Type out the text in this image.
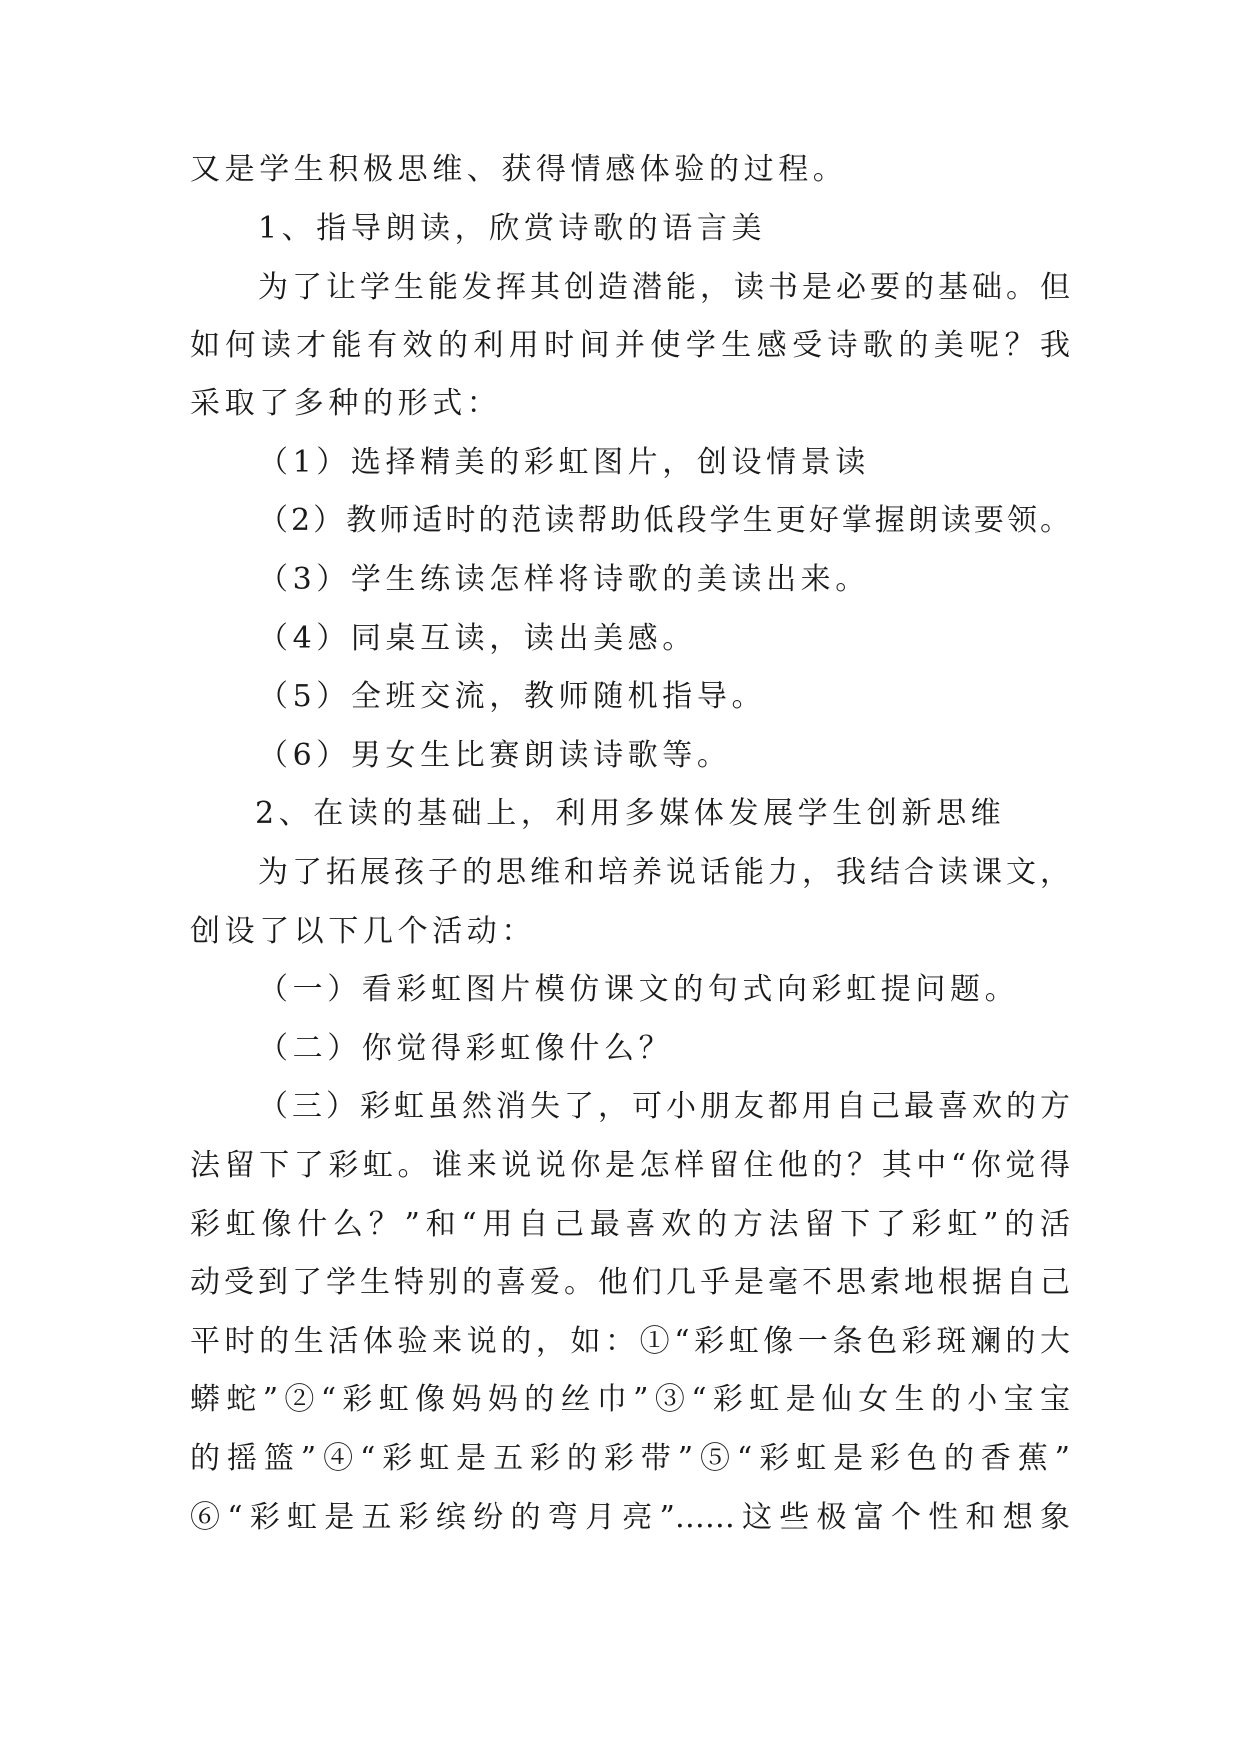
又是学生积极思维、获得情感体验的过程。
1、指导朗读，欣赏诗歌的语言美
为了让学生能发挥其创造潜能，读书是必要的基础。但
如何读才能有效的利用时间并使学生感受诗歌的美呢？我
采取了多种的形式：
（1）选择精美的彩虹图片，创设情景读
（2）教师适时的范读帮助低段学生更好掌握朗读要领。
（3）学生练读怎样将诗歌的美读出来。
（4）同桌互读，读出美感。
（5）全班交流，教师随机指导。
（6）男女生比赛朗读诗歌等。
2、在读的基础上，利用多媒体发展学生创新思维
为了拓展孩子的思维和培养说话能力，我结合读课文，
创设了以下几个活动：
（一）看彩虹图片模仿课文的句式向彩虹提问题。
（二）你觉得彩虹像什么？
（三）彩虹虽然消失了，可小朋友都用自己最喜欢的方
法留下了彩虹。谁来说说你是怎样留住他的？其中“你觉得
彩虹像什么？”和“用自己最喜欢的方法留下了彩虹”的活
动受到了学生特别的喜爱。他们几乎是毫不思索地根据自己
平时的生活体验来说的，如：①“彩虹像一条色彩斑斓的大
蟒蛇”②“彩虹像妈妈的丝巾”③“彩虹是仙女生的小宝宝
的摇篮”④“彩虹是五彩的彩带”⑤“彩虹是彩色的香蕉”
⑥“彩虹是五彩缤纷的弯月亮”……这些极富个性和想象
